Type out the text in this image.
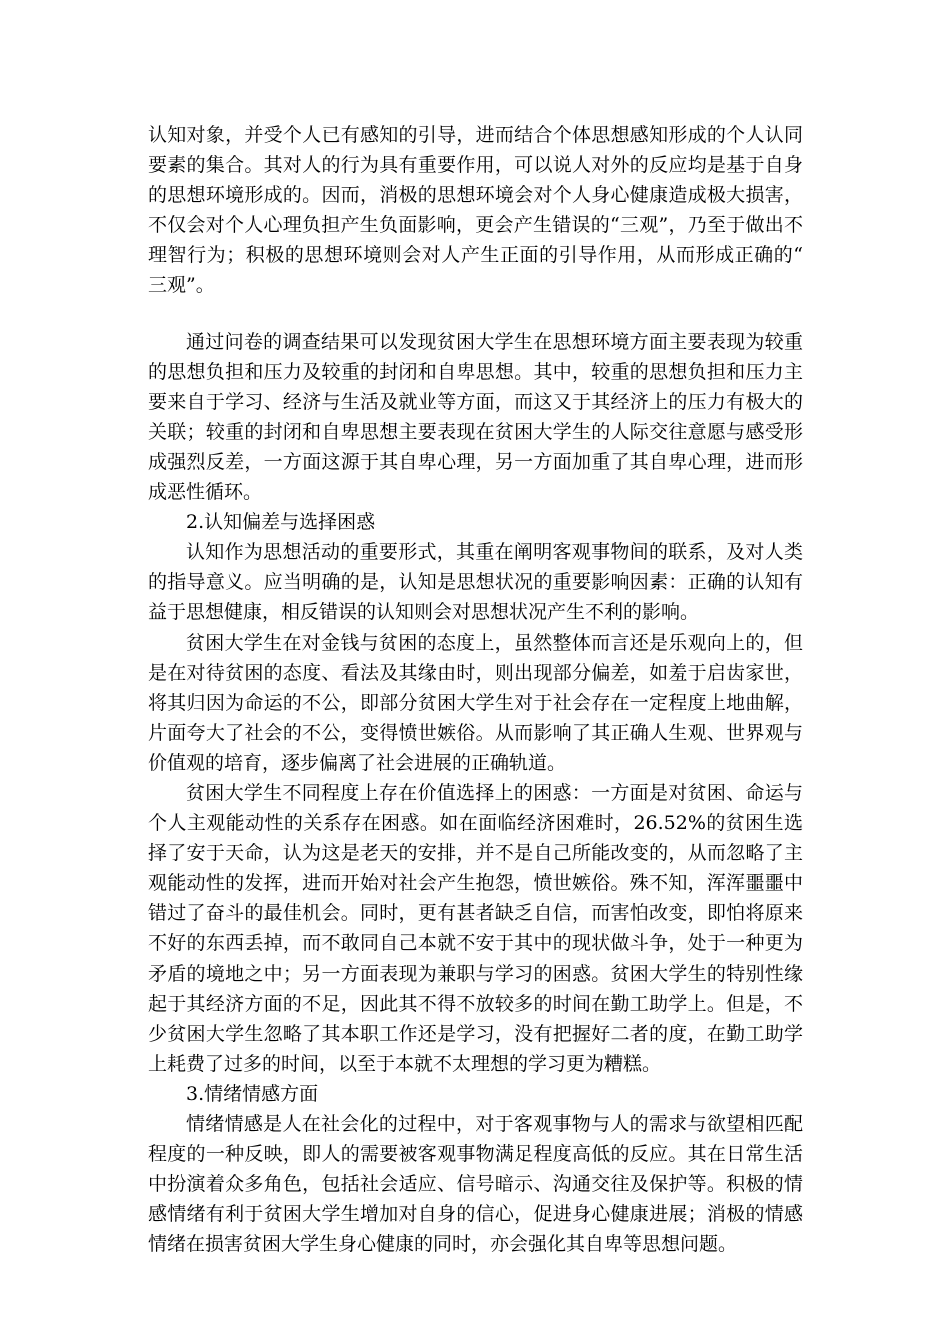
认知对象，并受个人已有感知的引导，进而结合个体思想感知形成的个人认同要素的集合。其对人的行为具有重要作用，可以说人对外的反应均是基于自身的思想环境形成的。因而，消极的思想环境会对个人身心健康造成极大损害，不仅会对个人心理负担产生负面影响，更会产生错误的“三观”，乃至于做出不理智行为；积极的思想环境则会对人产生正面的引导作用，从而形成正确的“三观”。

通过问卷的调查结果可以发现贫困大学生在思想环境方面主要表现为较重的思想负担和压力及较重的封闭和自卑思想。其中，较重的思想负担和压力主要来自于学习、经济与生活及就业等方面，而这又于其经济上的压力有极大的关联；较重的封闭和自卑思想主要表现在贫困大学生的人际交往意愿与感受形成强烈反差，一方面这源于其自卑心理，另一方面加重了其自卑心理，进而形成恶性循环。

2.认知偏差与选择困惑

认知作为思想活动的重要形式，其重在阐明客观事物间的联系，及对人类的指导意义。应当明确的是，认知是思想状况的重要影响因素：正确的认知有益于思想健康，相反错误的认知则会对思想状况产生不利的影响。

贫困大学生在对金钱与贫困的态度上，虽然整体而言还是乐观向上的，但是在对待贫困的态度、看法及其缘由时，则出现部分偏差，如羞于启齿家世，将其归因为命运的不公，即部分贫困大学生对于社会存在一定程度上地曲解，片面夸大了社会的不公，变得愤世嫉俗。从而影响了其正确人生观、世界观与价值观的培育，逐步偏离了社会进展的正确轨道。

贫困大学生不同程度上存在价值选择上的困惑：一方面是对贫困、命运与个人主观能动性的关系存在困惑。如在面临经济困难时，26.52%的贫困生选择了安于天命，认为这是老天的安排，并不是自己所能改变的，从而忽略了主观能动性的发挥，进而开始对社会产生抱怨，愤世嫉俗。殊不知，浑浑噩噩中错过了奋斗的最佳机会。同时，更有甚者缺乏自信，而害怕改变，即怕将原来不好的东西丢掉，而不敢同自己本就不安于其中的现状做斗争，处于一种更为矛盾的境地之中；另一方面表现为兼职与学习的困惑。贫困大学生的特别性缘起于其经济方面的不足，因此其不得不放较多的时间在勤工助学上。但是，不少贫困大学生忽略了其本职工作还是学习，没有把握好二者的度，在勤工助学上耗费了过多的时间，以至于本就不太理想的学习更为糟糕。

3.情绪情感方面

情绪情感是人在社会化的过程中，对于客观事物与人的需求与欲望相匹配程度的一种反映，即人的需要被客观事物满足程度高低的反应。其在日常生活中扮演着众多角色，包括社会适应、信号暗示、沟通交往及保护等。积极的情感情绪有利于贫困大学生增加对自身的信心，促进身心健康进展；消极的情感情绪在损害贫困大学生身心健康的同时，亦会强化其自卑等思想问题。
